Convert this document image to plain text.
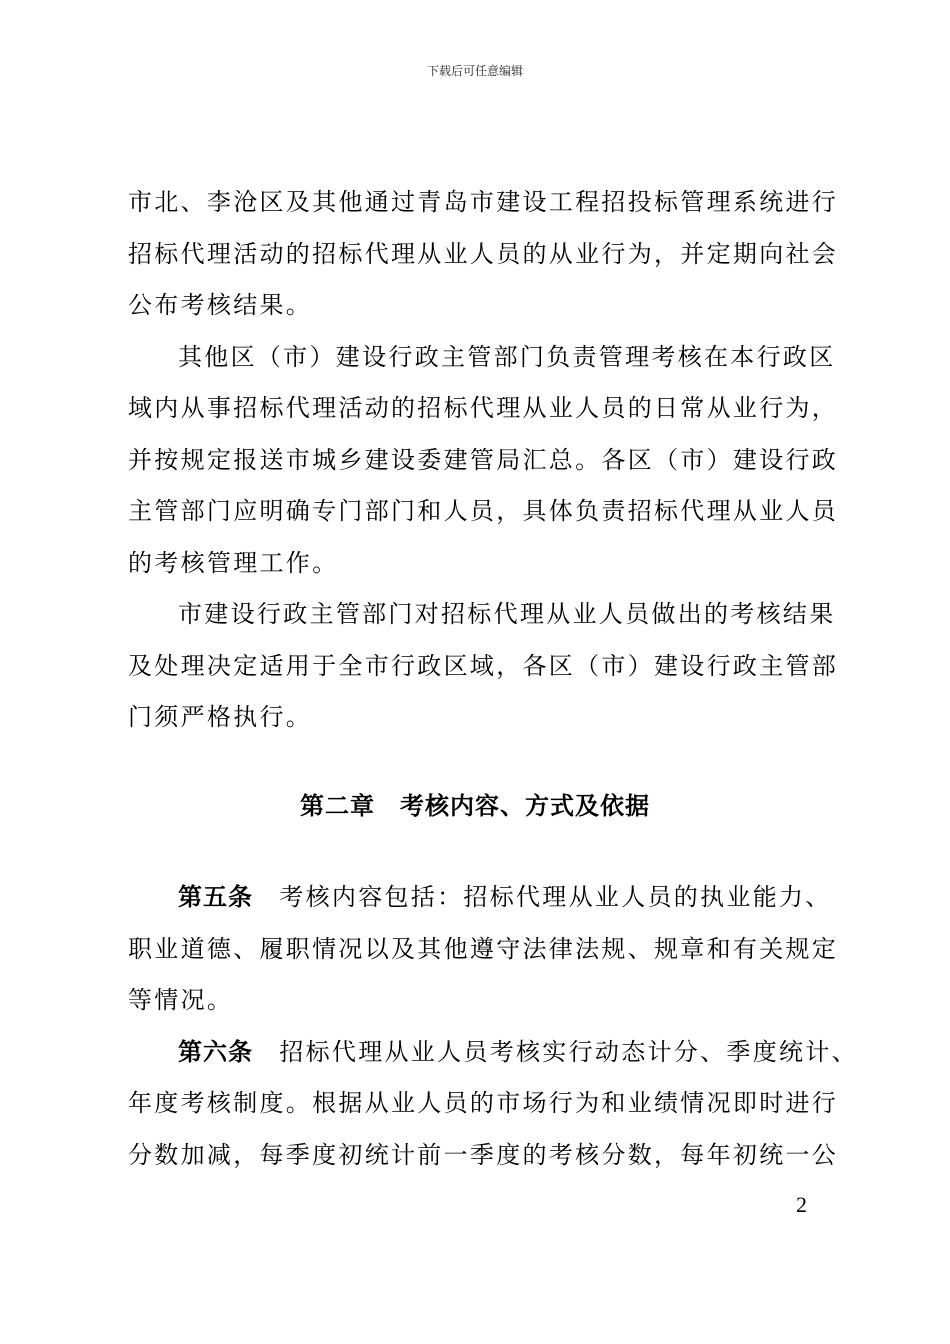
下载后可任意编辑
市北、李沧区及其他通过青岛市建设工程招投标管理系统进行
招标代理活动的招标代理从业人员的从业行为，并定期向社会
公布考核结果。
其他区（市）建设行政主管部门负责管理考核在本行政区
域内从事招标代理活动的招标代理从业人员的日常从业行为，
并按规定报送市城乡建设委建管局汇总。各区（市）建设行政
主管部门应明确专门部门和人员，具体负责招标代理从业人员
的考核管理工作。
市建设行政主管部门对招标代理从业人员做出的考核结果
及处理决定适用于全市行政区域，各区（市）建设行政主管部
门须严格执行。
第二章　考核内容、方式及依据
第五条　 考核内容包括：招标代理从业人员的执业能力、
职业道德、履职情况以及其他遵守法律法规、规章和有关规定
等情况。
第六条　 招标代理从业人员考核实行动态计分、季度统计、
年度考核制度。根据从业人员的市场行为和业绩情况即时进行
分数加减，每季度初统计前一季度的考核分数，每年初统一公
2
